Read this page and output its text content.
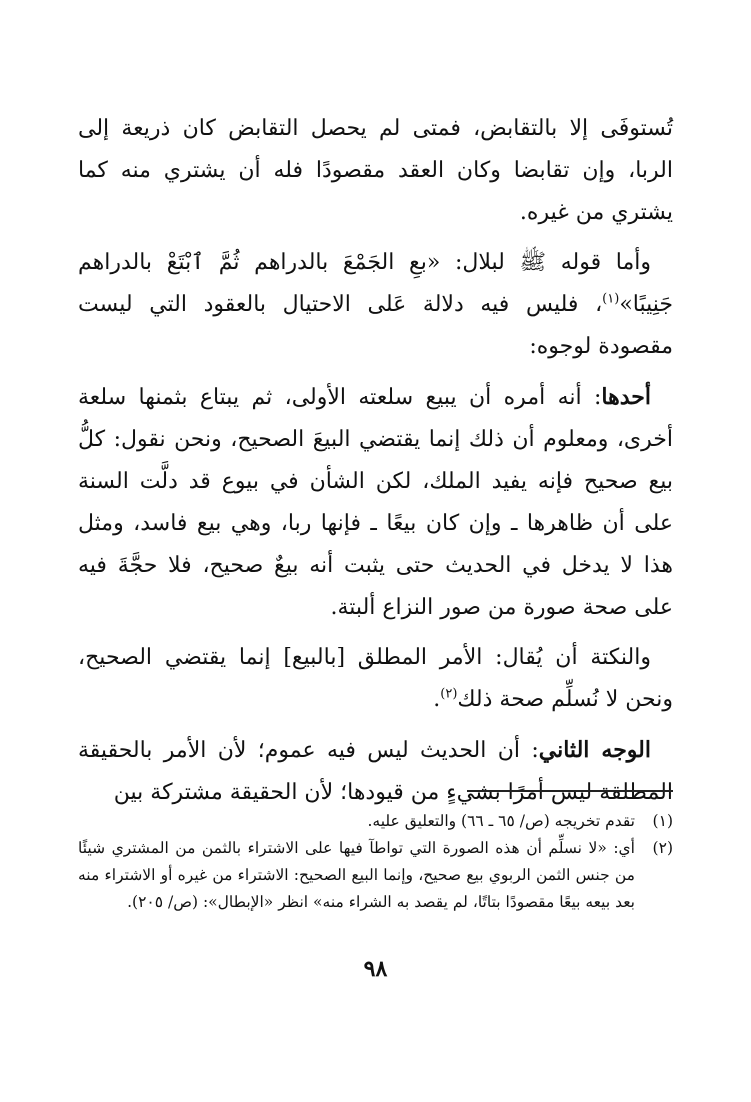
تُستوفَى إلا بالتقابض، فمتى لم يحصل التقابض كان ذريعة إلى الربا، وإن تقابضا وكان العقد مقصودًا فله أن يشتري منه كما يشتري من غيره.

وأما قوله ﷺ لبلال: «بعِ الجَمْعَ بالدراهم ثُمَّ ٱبْتَعْ بالدراهم جَنِيبًا»$^{(١)}$، فليس فيه دلالة عَلى الاحتيال بالعقود التي ليست مقصودة لوجوه:

أحدها: أنه أمره أن يبيع سلعته الأولى، ثم يبتاع بثمنها سلعة أخرى، ومعلوم أن ذلك إنما يقتضي البيعَ الصحيح، ونحن نقول: كلُّ بيع صحيح فإنه يفيد الملك، لكن الشأن في بيوع قد دلَّت السنة على أن ظاهرها ـ وإن كان بيعًا ـ فإنها ربا، وهي بيع فاسد، ومثل هذا لا يدخل في الحديث حتى يثبت أنه بيعٌ صحيح، فلا حجَّةَ فيه على صحة صورة من صور النزاع ألبتة.

والنكتة أن يُقال: الأمر المطلق [بالبيع] إنما يقتضي الصحيح، ونحن لا نُسلِّم صحة ذلك$^{(٢)}$.

الوجه الثاني: أن الحديث ليس فيه عموم؛ لأن الأمر بالحقيقة المطلقة ليس أمرًا بشيءٍ من قيودها؛ لأن الحقيقة مشتركة بين

(١)
تقدم تخريجه (ص/ ٦٥ ـ ٦٦) والتعليق عليه.
(٢)
أي: «لا نسلِّم أن هذه الصورة التي تواطآ فيها على الاشتراء بالثمن من المشتري شيئًا من جنس الثمن الربوي بيع صحيح، وإنما البيع الصحيح: الاشتراء من غيره أو الاشتراء منه بعد بيعه بيعًا مقصودًا بتاتًا، لم يقصد به الشراء منه» انظر «الإبطال»: (ص/ ٢٠٥).
٩٨
